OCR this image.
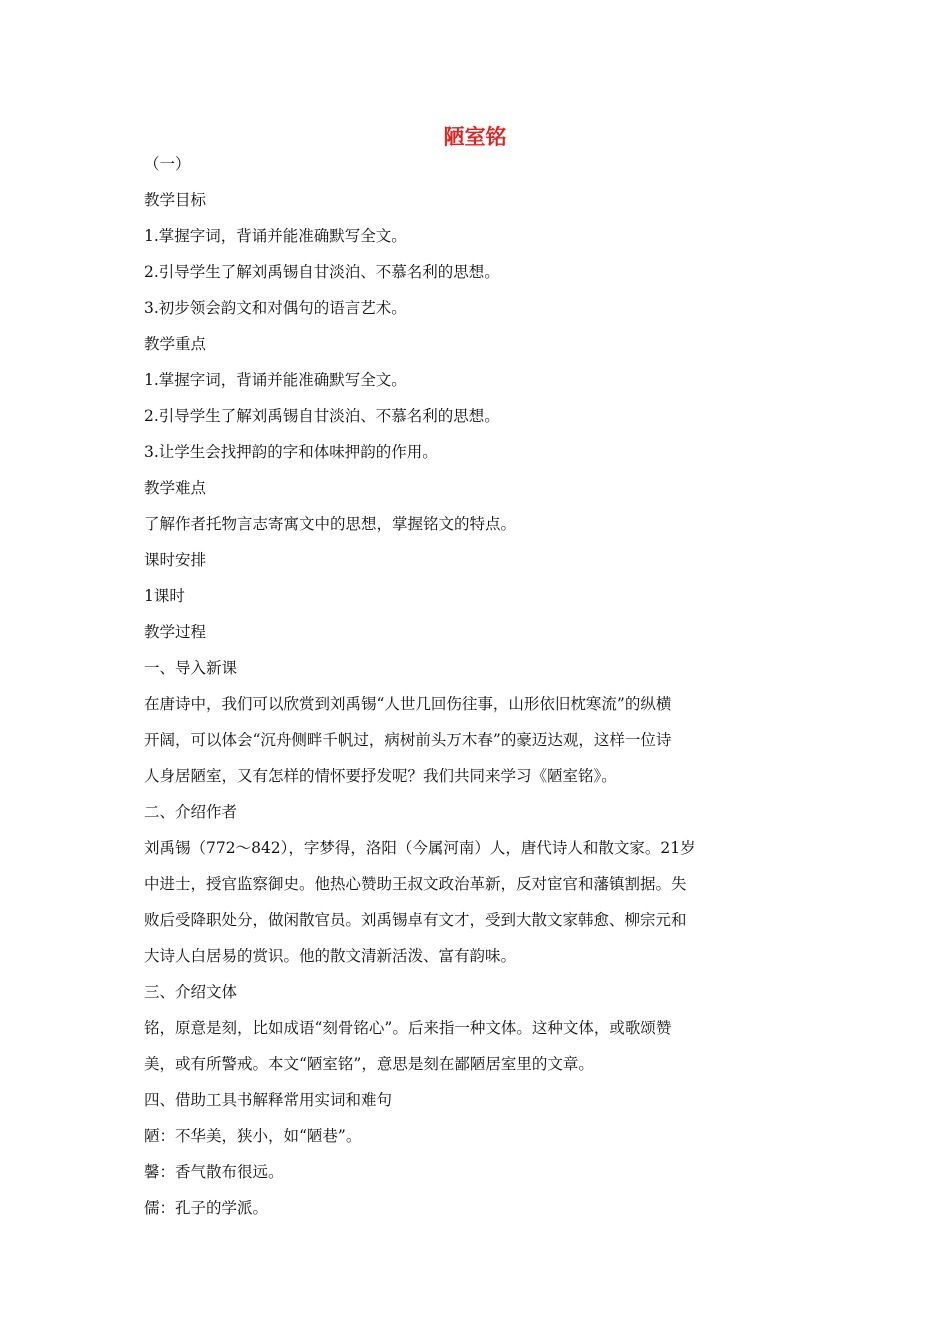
陋室铭

（一）

教学目标

1.掌握字词，背诵并能准确默写全文。

2.引导学生了解刘禹锡自甘淡泊、不慕名利的思想。

3.初步领会韵文和对偶句的语言艺术。

教学重点

1.掌握字词，背诵并能准确默写全文。

2.引导学生了解刘禹锡自甘淡泊、不慕名利的思想。

3.让学生会找押韵的字和体味押韵的作用。

教学难点

了解作者托物言志寄寓文中的思想，掌握铭文的特点。

课时安排

1课时

教学过程

一、导入新课

在唐诗中，我们可以欣赏到刘禹锡“人世几回伤往事，山形依旧枕寒流”的纵横
开阔，可以体会“沉舟侧畔千帆过，病树前头万木春”的豪迈达观，这样一位诗
人身居陋室，又有怎样的情怀要抒发呢？我们共同来学习《陋室铭》。

二、介绍作者

刘禹锡（772～842），字梦得，洛阳（今属河南）人，唐代诗人和散文家。21岁
中进士，授官监察御史。他热心赞助王叔文政治革新，反对宦官和藩镇割据。失
败后受降职处分，做闲散官员。刘禹锡卓有文才，受到大散文家韩愈、柳宗元和
大诗人白居易的赏识。他的散文清新活泼、富有韵味。

三、介绍文体

铭，原意是刻，比如成语“刻骨铭心”。后来指一种文体。这种文体，或歌颂赞
美，或有所警戒。本文“陋室铭”，意思是刻在鄙陋居室里的文章。

四、借助工具书解释常用实词和难句

陋：不华美，狭小，如“陋巷”。

馨：香气散布很远。

儒：孔子的学派。
